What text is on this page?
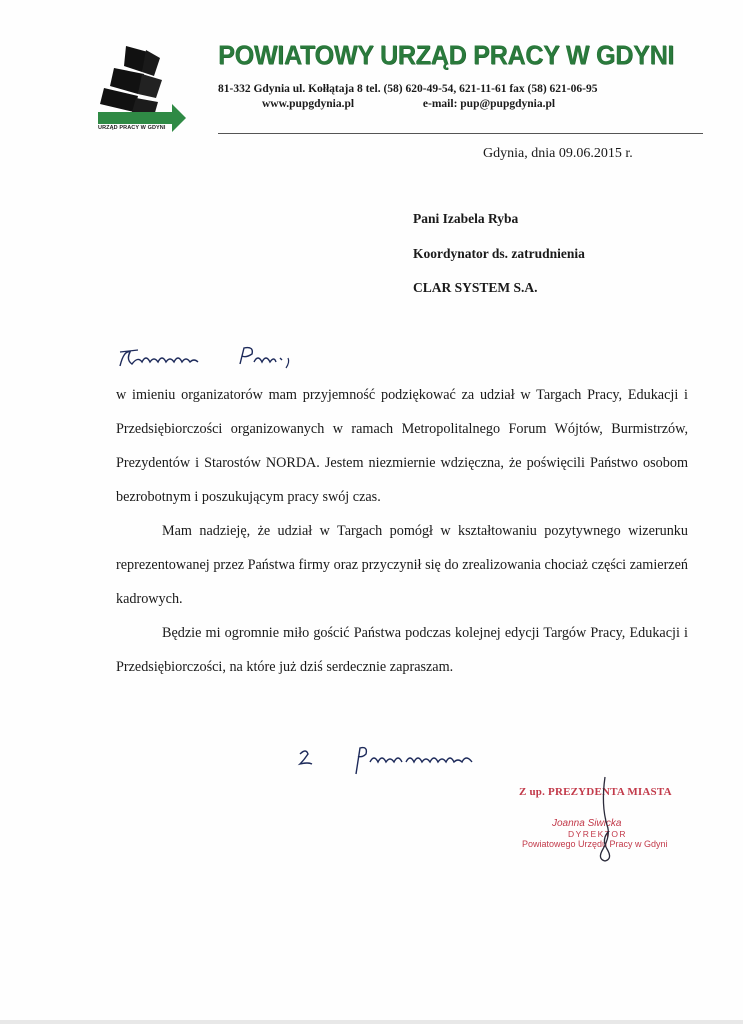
URZĄD PRACY W GDYNI
POWIATOWY URZĄD PRACY W GDYNI
81-332 Gdynia ul. Kołłątaja 8 tel. (58) 620-49-54, 621-11-61 fax (58) 621-06-95
www.pupgdynia.pl	e-mail: pup@pupgdynia.pl
Gdynia, dnia 09.06.2015 r.
Pani Izabela Ryba
Koordynator ds. zatrudnienia
CLAR SYSTEM S.A.

w imieniu organizatorów mam przyjemność podziękować za udział w Targach Pracy, Edukacji i Przedsiębiorczości organizowanych w ramach Metropolitalnego Forum Wójtów, Burmistrzów, Prezydentów i Starostów NORDA. Jestem niezmiernie wdzięczna, że poświęcili Państwo osobom bezrobotnym i poszukującym pracy swój czas.

Mam nadzieję, że udział w Targach pomógł w kształtowaniu pozytywnego wizerunku reprezentowanej przez Państwa firmy oraz przyczynił się do zrealizowania chociaż części zamierzeń kadrowych.

Będzie mi ogromnie miło gościć Państwa podczas kolejnej edycji Targów Pracy, Edukacji i Przedsiębiorczości, na które już dziś serdecznie zapraszam.

Z up. PREZYDENTA MIASTA
Joanna Siwicka
DYREKTOR
Powiatowego Urzędu Pracy w Gdyni
